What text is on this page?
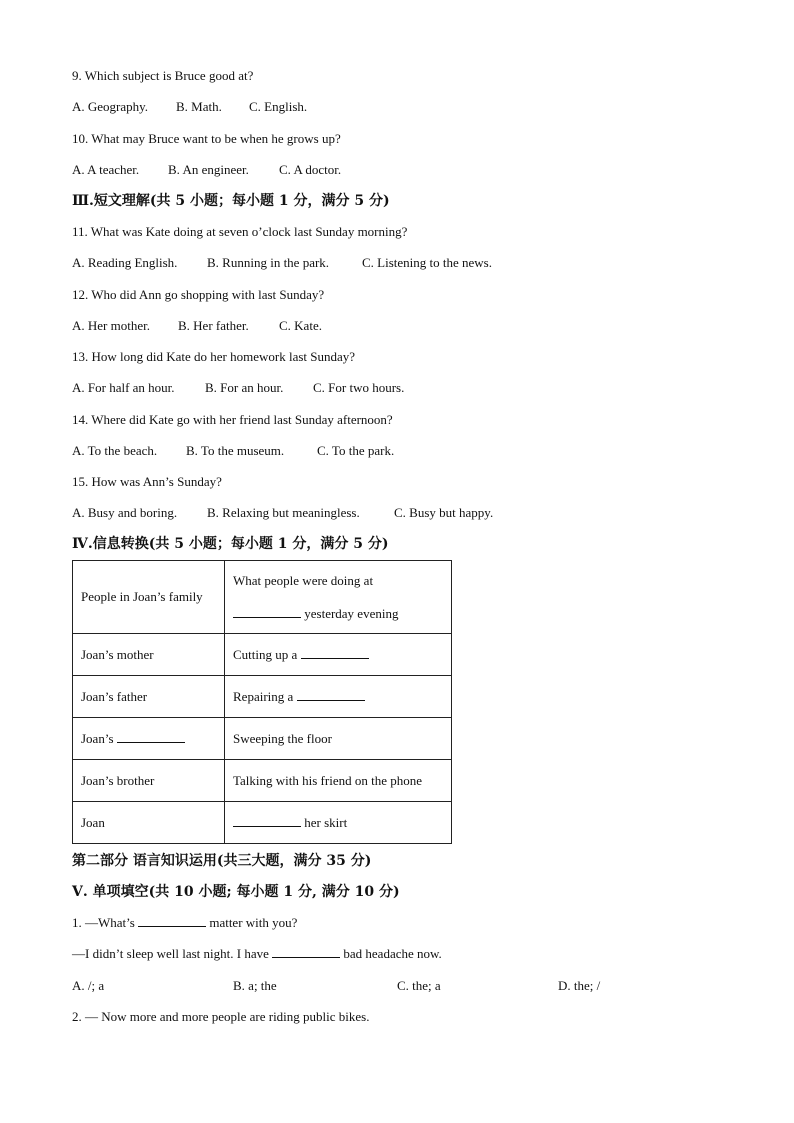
9. Which subject is Bruce good at?
A. Geography. B. Math. C. English.
10. What may Bruce want to be when he grows up?
A. A teacher. B. An engineer. C. A doctor.
Ⅲ.短文理解(共 5 小题；每小题 1 分，满分 5 分)
11. What was Kate doing at seven o’clock last Sunday morning?
A. Reading English. B. Running in the park.	C. Listening to the news.
12. Who did Ann go shopping with last Sunday?
A. Her mother. B. Her father. C. Kate.
13. How long did Kate do her homework last Sunday?
A. For half an hour. B. For an hour. C. For two hours.
14. Where did Kate go with her friend last Sunday afternoon?
A. To the beach. B. To the museum.	C. To the park.
15. How was Ann’s Sunday?
A. Busy and boring. B. Relaxing but meaningless.	C. Busy but happy.
Ⅳ.信息转换(共 5 小题；每小题 1 分，满分 5 分)
People in Joan’s family	What people were doing at
yesterday evening

Joan’s mother	Cutting up a
Joan’s father	Repairing a
Joan’s	Sweeping the floor
Joan’s brother	Talking with his friend on the phone
Joan	her skirt
第二部分 语言知识运用(共三大题，满分 35 分)
Ⅴ. 单项填空(共 10 小题; 每小题 1 分, 满分 10 分)
1. —What’s	matter with you?
—I didn’t sleep well last night. I have	bad headache now.
A. /; a	B. a; the	C. the; a	D. the; /
2. — Now more and more people are riding public bikes.
